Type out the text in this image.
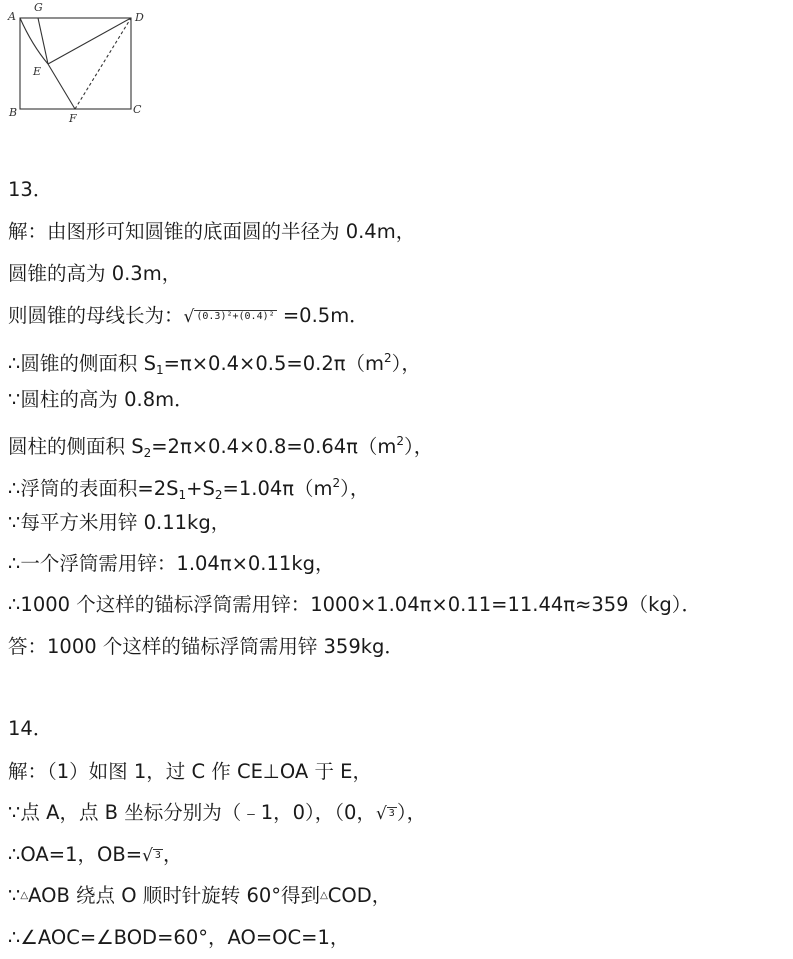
A
G
D
E
B	F
C
13．
解：由图形可知圆锥的底面圆的半径为 0.4m，
圆锥的高为 0.3m，
则圆锥的母线长为：√ (0.3)²+(0.4)² =0.5m．
∴圆锥的侧面积 $S_1=\pi\times 0.4\times 0.5=0.2\pi(m^2)$，
∵圆柱的高为 0.8m．
圆柱的侧面积 $S_2=2\pi\times 0.4\times 0.8=0.64\pi(m^2)$，
∴浮筒的表面积$=2S_1+S_2=1.04\pi(m^2)$，
∵每平方米用锌 0.11kg，
∴一个浮筒需用锌：1.04π×0.11kg，
∴1000 个这样的锚标浮筒需用锌：1000×1.04π×0.11=11.44π≈359（kg）．
答：1000 个这样的锚标浮筒需用锌 359kg．
14．
解：（1）如图 1，过 C 作 CE⊥OA 于 E，
∵点 A，点 B 坐标分别为（﹣1，0），（0，√ 3 ），
∴OA=1，OB=√ 3 ，
∵△AOB 绕点 O 顺时针旋转 60°得到△COD，
∴∠AOC=∠BOD=60°，AO=OC=1，
